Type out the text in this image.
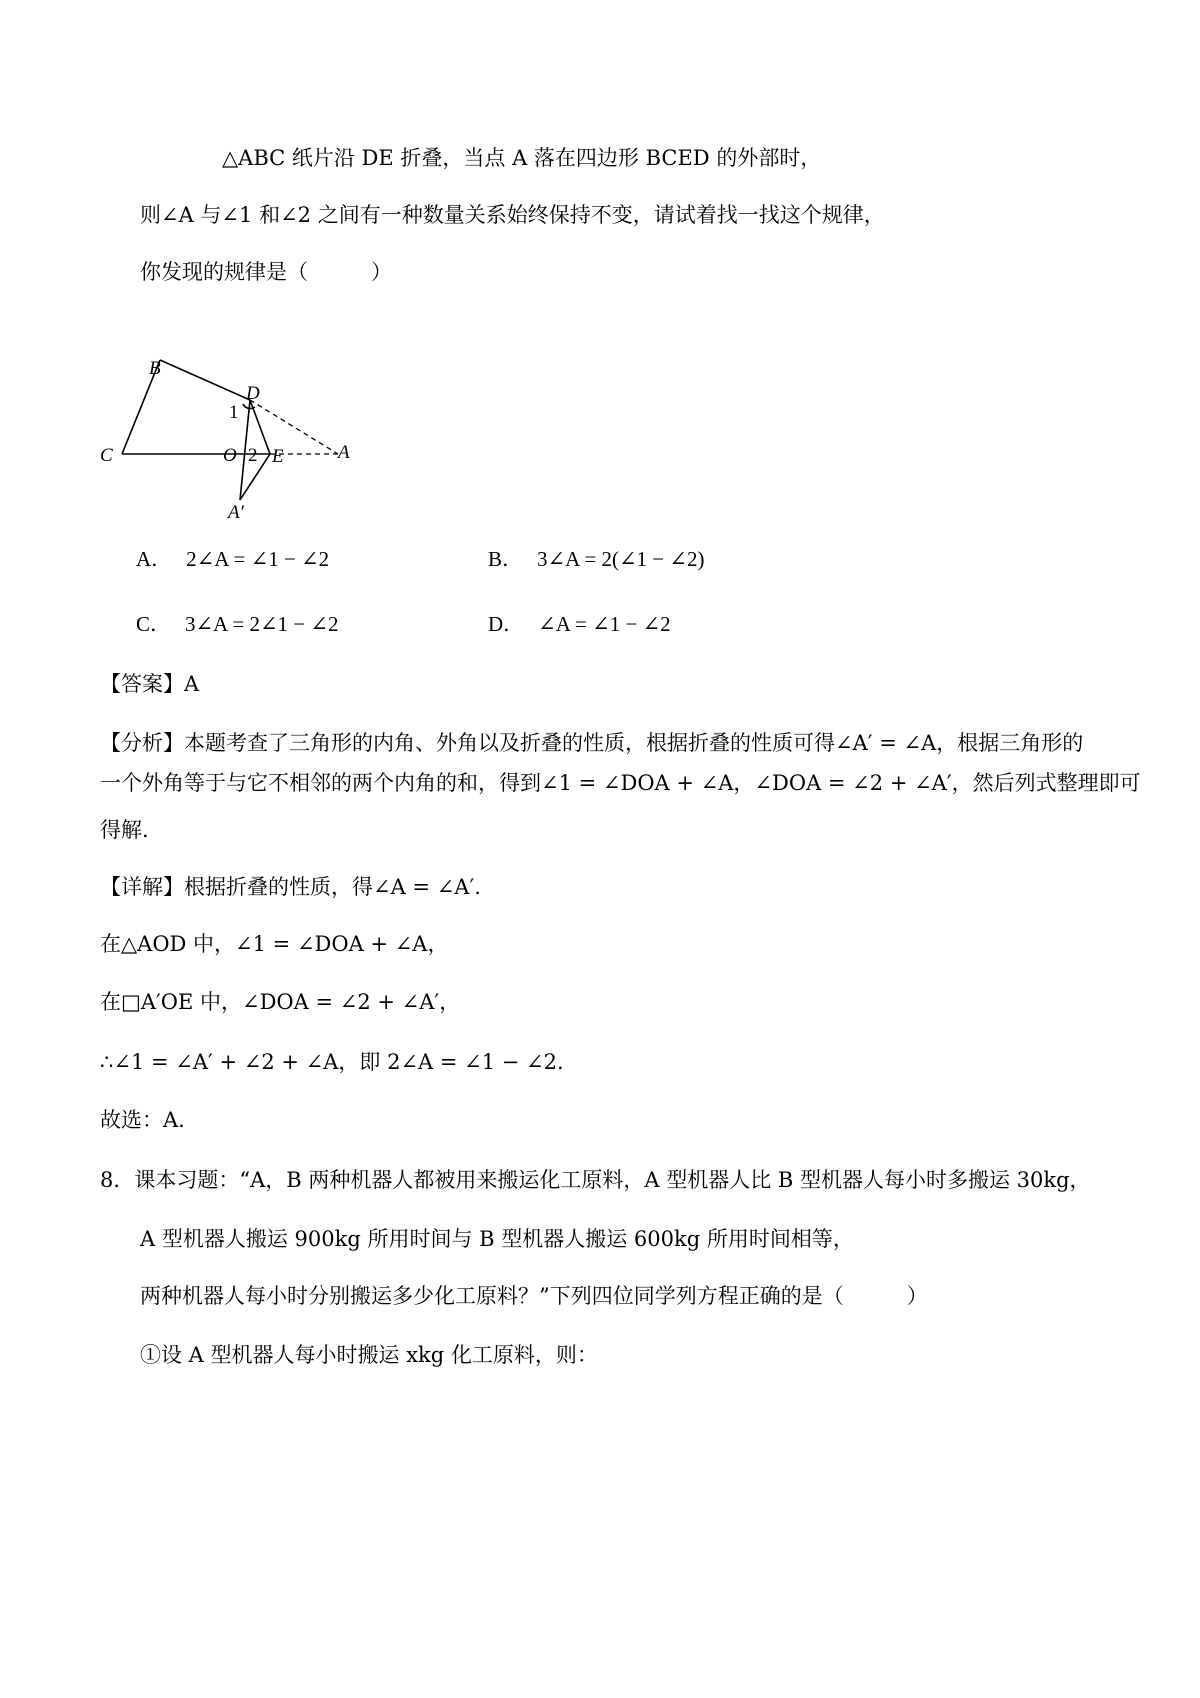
△ABC 纸片沿 DE 折叠，当点 A 落在四边形 BCED 的外部时，
则∠A 与∠1 和∠2 之间有一种数量关系始终保持不变，请试着找一找这个规律，
你发现的规律是（　　　）
B
C
D
O E	A
A′
1
2
A． 2∠A = ∠1 − ∠2	B． 3∠A = 2(∠1 − ∠2)
C． 3∠A = 2∠1 − ∠2	D． ∠A = ∠1 − ∠2
【答案】A
【分析】本题考查了三角形的内角、外角以及折叠的性质，根据折叠的性质可得∠A′ = ∠A，根据三角形的
一个外角等于与它不相邻的两个内角的和，得到∠1 = ∠DOA + ∠A，∠DOA = ∠2 + ∠A′，然后列式整理即可
得解.
【详解】根据折叠的性质，得∠A = ∠A′.
在△AOD 中，∠1 = ∠DOA + ∠A，
在□A′OE 中，∠DOA = ∠2 + ∠A′，
∴∠1 = ∠A′ + ∠2 + ∠A，即 2∠A = ∠1 − ∠2.
故选：A.
8．课本习题：“A，B 两种机器人都被用来搬运化工原料，A 型机器人比 B 型机器人每小时多搬运 30kg，
A 型机器人搬运 900kg 所用时间与 B 型机器人搬运 600kg 所用时间相等，
两种机器人每小时分别搬运多少化工原料？”下列四位同学列方程正确的是（　　　）
①设 A 型机器人每小时搬运 xkg 化工原料，则：
